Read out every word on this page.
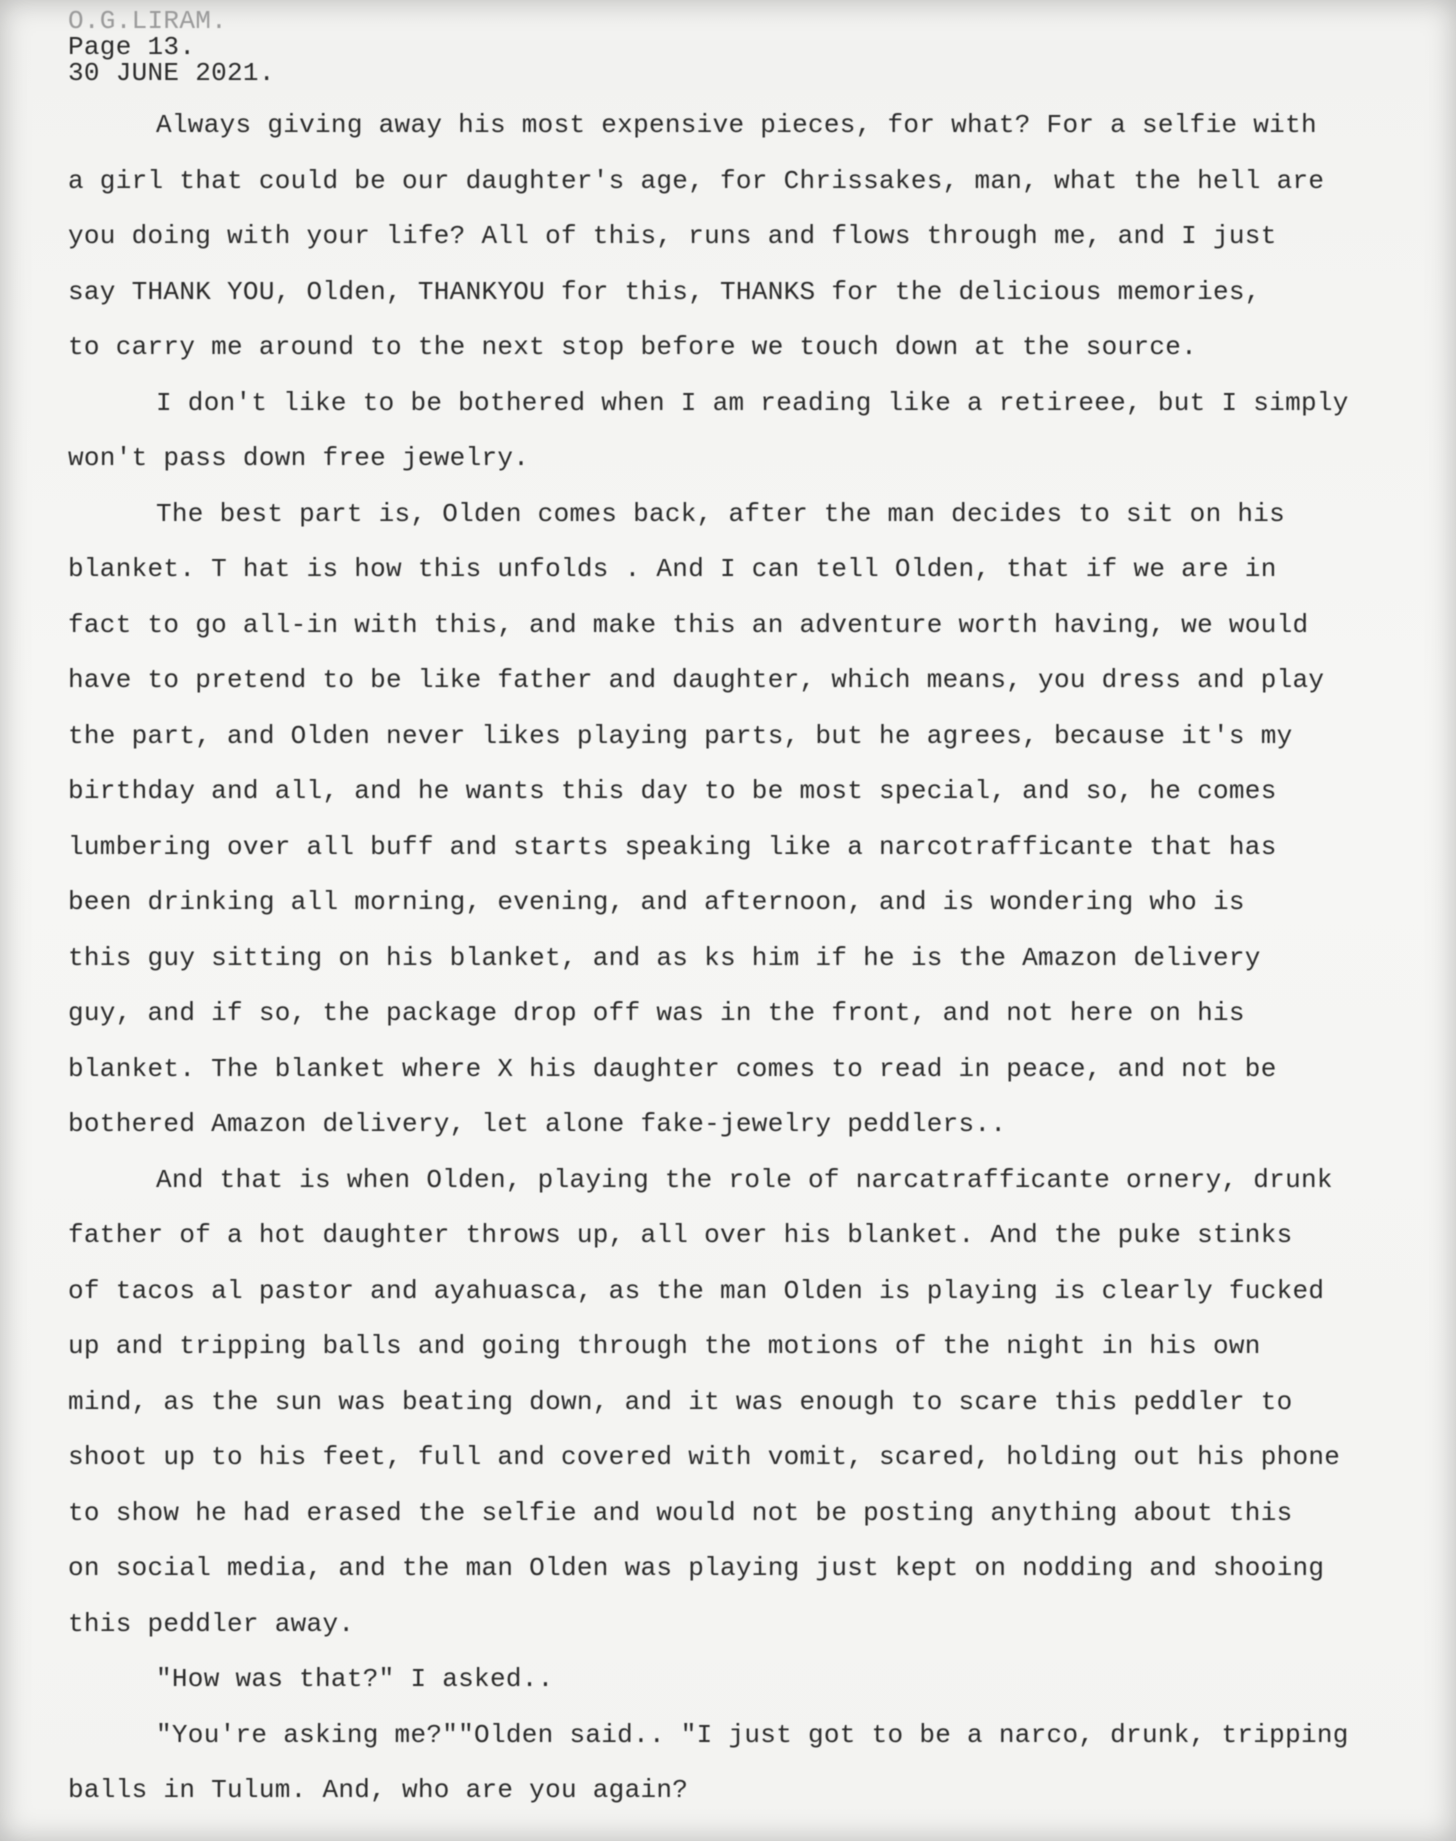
O.G.LIRAM.

Page 13.

30 JUNE 2021.

Always giving away his most expensive pieces, for what? For a selfie with
a girl that could be our daughter's age, for Chrissakes, man, what the hell are
you doing with your life? All of this, runs and flows through me, and I just
say THANK YOU, Olden, THANKYOU for this, THANKS for the delicious memories,
to carry me around to the next stop before we touch down at the source.
I don't like to be bothered when I am reading like a retireee, but I simply
won't pass down free jewelry.
The best part is, Olden comes back, after the man decides to sit on his
blanket. T hat is how this unfolds . And I can tell Olden, that if we are in
fact to go all-in with this, and make this an adventure worth having, we would
have to pretend to be like father and daughter, which means, you dress and play
the part, and Olden never likes playing parts, but he agrees, because it's my
birthday and all, and he wants this day to be most special, and so, he comes
lumbering over all buff and starts speaking like a narcotrafficante that has
been drinking all morning, evening, and afternoon, and is wondering who is
this guy sitting on his blanket, and as ks him if he is the Amazon delivery
guy, and if so, the package drop off was in the front, and not here on his
blanket. The blanket where X his daughter comes to read in peace, and not be
bothered Amazon delivery, let alone fake-jewelry peddlers..
And that is when Olden, playing the role of narcatrafficante ornery, drunk
father of a hot daughter throws up, all over his blanket. And the puke stinks
of tacos al pastor and ayahuasca, as the man Olden is playing is clearly fucked
up and tripping balls and going through the motions of the night in his own
mind, as the sun was beating down, and it was enough to scare this peddler to
shoot up to his feet, full and covered with vomit, scared, holding out his phone
to show he had erased the selfie and would not be posting anything about this
on social media, and the man Olden was playing just kept on nodding and shooing
this peddler away.
"How was that?" I asked..
"You're asking me?""Olden said.. "I just got to be a narco, drunk, tripping
balls in Tulum. And, who are you again?
